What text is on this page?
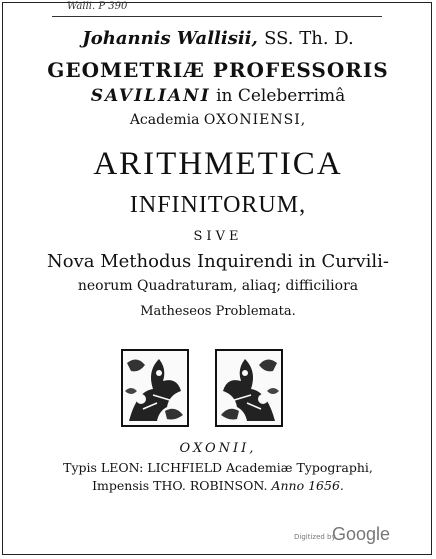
Walli. P 390
Johannis Wallisii, SS. Th. D.
GEOMETRIÆ PROFESSORIS
SAVILIANI in Celeberrimâ
Academia OXONIENSI,
ARITHMETICA
INFINITORUM,
SIVE
Nova Methodus Inquirendi in Curvili-
neorum Quadraturam, aliaq; difficiliora
Matheseos Problemata.
OXONII,
Typis LEON: LICHFIELD Academiæ Typographi,
Impensis THO. ROBINSON. Anno 1656.
Digitized by
Google
